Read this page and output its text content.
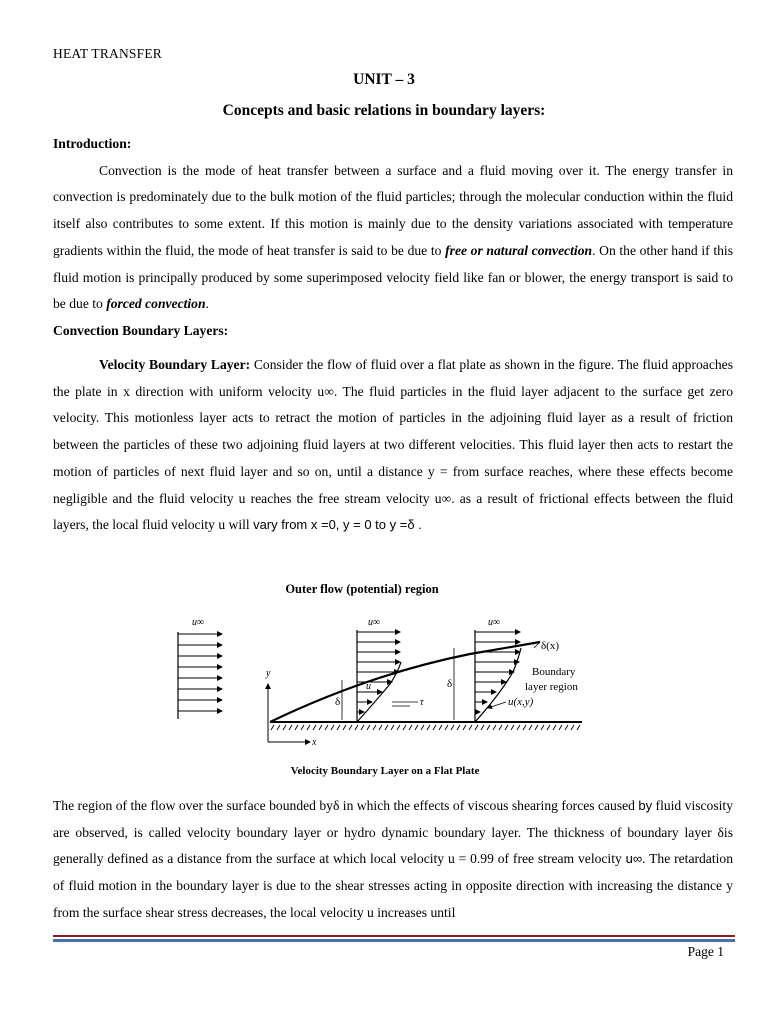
HEAT TRANSFER
UNIT – 3
Concepts and basic relations in boundary layers:
Introduction:
Convection is the mode of heat transfer between a surface and a fluid moving over it. The energy transfer in convection is predominately due to the bulk motion of the fluid particles; through the molecular conduction within the fluid itself also contributes to some extent. If this motion is mainly due to the density variations associated with temperature gradients within the fluid, the mode of heat transfer is said to be due to free or natural convection. On the other hand if this fluid motion is principally produced by some superimposed velocity field like fan or blower, the energy transport is said to be due to forced convection.
Convection Boundary Layers:
Velocity Boundary Layer: Consider the flow of fluid over a flat plate as shown in the figure. The fluid approaches the plate in x direction with uniform velocity u∞. The fluid particles in the fluid layer adjacent to the surface get zero velocity. This motionless layer acts to retract the motion of particles in the adjoining fluid layer as a result of friction between the particles of these two adjoining fluid layers at two different velocities. This fluid layer then acts to restart the motion of particles of next fluid layer and so on, until a distance y = from surface reaches, where these effects become negligible and the fluid velocity u reaches the free stream velocity u∞. as a result of frictional effects between the fluid layers, the local fluid velocity u will vary from x =0, y = 0 to y =δ .
Outer flow (potential) region
u∞	u∞
u
τ
δ
u∞
δ
δ(x)
Boundary
layer region
u(x,y)
y
x
Velocity Boundary Layer on a Flat Plate
The region of the flow over the surface bounded byδ in which the effects of viscous shearing forces caused by fluid viscosity are observed, is called velocity boundary layer or hydro dynamic boundary layer. The thickness of boundary layer δis generally defined as a distance from the surface at which local velocity u = 0.99 of free stream velocity u∞. The retardation of fluid motion in the boundary layer is due to the shear stresses acting in opposite direction with increasing the distance y from the surface shear stress decreases, the local velocity u increases until
Page 1
